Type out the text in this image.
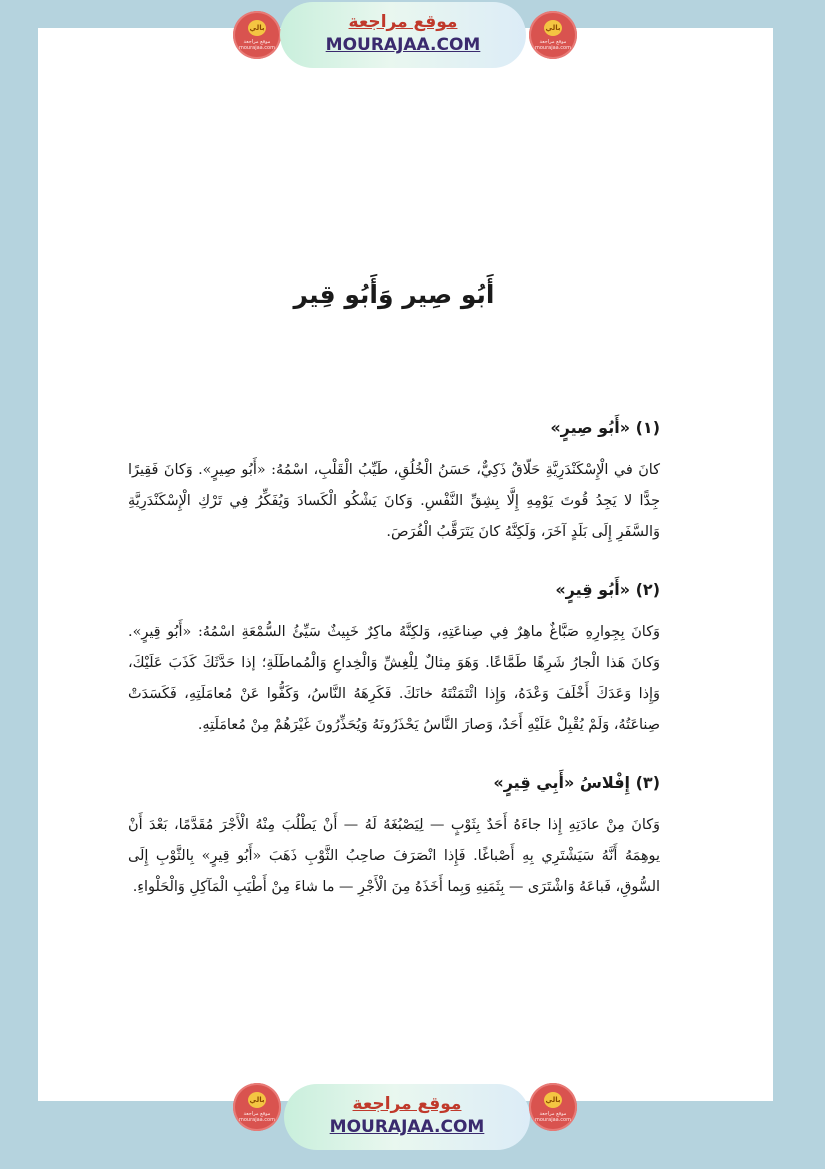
بالي
موقع مراجعة
mourajaa.com
موقع مراجعة
MOURAJAA.COM
بالي
موقع مراجعة
mourajaa.com
أَبُو صِير وَأَبُو قِير
(١) «أَبُو صِيرٍ»

كانَ في الْإِسْكَنْدَرِيَّةِ حَلّاقٌ ذَكِيٌّ، حَسَنُ الْخُلُقِ، طَيِّبُ الْقَلْبِ، اسْمُهُ: «أَبُو صِيرٍ». وَكانَ فَقِيرًا جِدًّا لا يَجِدُ قُوتَ يَوْمِهِ إِلَّا بِشِقِّ النَّفْسِ. وَكانَ يَشْكُو الْكَسادَ وَيُفَكِّرُ فِي تَرْكِ الْإِسْكَنْدَرِيَّةِ وَالسَّفَرِ إِلَى بَلَدٍ آخَرَ، وَلَكِنَّهُ كانَ يَتَرَقَّبُ الْفُرَصَ.

(٢) «أَبُو قِيرٍ»

وَكانَ بِجِوارِهِ صَبَّاغٌ ماهِرٌ فِي صِناعَتِهِ، وَلكِنَّهُ ماكِرٌ خَبِيثٌ سَيِّئُ السُّمْعَةِ اسْمُهُ: «أَبُو قِيرٍ». وَكانَ هَذا الْجارُ شَرِهًا طَمَّاعًا. وَهَوَ مِثالٌ لِلْغِشِّ وَالْخِداعِ وَالْمُماطَلَةِ؛ إذا حَدَّثَكَ كَذَبَ عَلَيْكَ، وَإِذا وَعَدَكَ أَخْلَفَ وَعْدَهُ، وَإِذا ائْتَمَنْتَهُ خانَكَ. فَكَرِهَهُ النَّاسُ، وَكَفُّوا عَنْ مُعامَلَتِهِ، فَكَسَدَتْ صِناعَتُهُ، وَلَمْ يُقْبِلْ عَلَيْهِ أَحَدٌ، وَصارَ النَّاسُ يَحْذَرُونَهُ وَيُحَذِّرُونَ غَيْرَهُمْ مِنْ مُعامَلَتِهِ.

(٣) إِفْلاسُ «أَبِي قِيرٍ»

وَكانَ مِنْ عادَتِهِ إِذا جاءَهُ أَحَدٌ بِثَوْبٍ — لِيَصْبُغَهُ لَهُ — أَنْ يَطْلُبَ مِنْهُ الْأَجْرَ مُقَدَّمًا، بَعْدَ أَنْ يوهِمَهُ أَنَّهُ سَيَشْتَرِي بِهِ أَصْباغًا. فَإِذا انْصَرَفَ صاحِبُ الثَّوْبِ ذَهَبَ «أَبُو قِيرٍ» بِالثَّوْبِ إِلَى السُّوقِ، فَباعَهُ وَاشْتَرَى — بِثَمَنِهِ وَبِما أَخَذَهُ مِنَ الْأَجْرِ — ما شاءَ مِنْ أَطْيَبِ الْمَآكِلِ وَالْحَلْواءِ.

بالي
موقع مراجعة
mourajaa.com
موقع مراجعة
MOURAJAA.COM
بالي
موقع مراجعة
mourajaa.com
